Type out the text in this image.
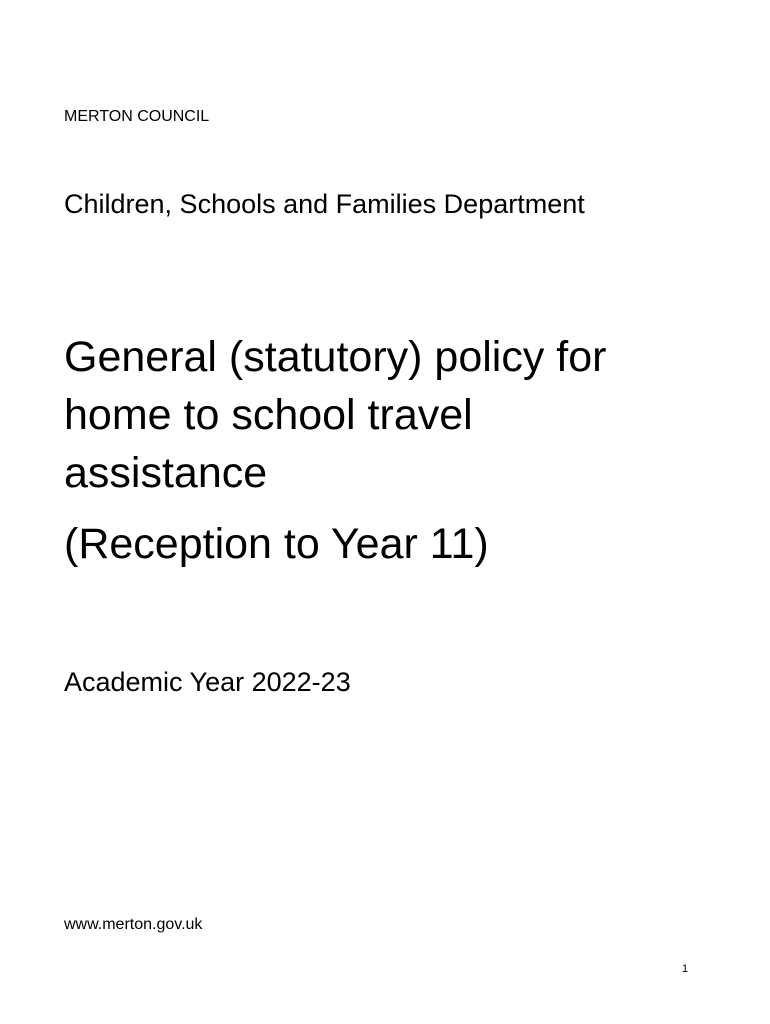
MERTON COUNCIL

Children, Schools and Families Department

General (statutory) policy for
home to school travel
assistance
(Reception to Year 11)

Academic Year 2022-23

www.merton.gov.uk

1
